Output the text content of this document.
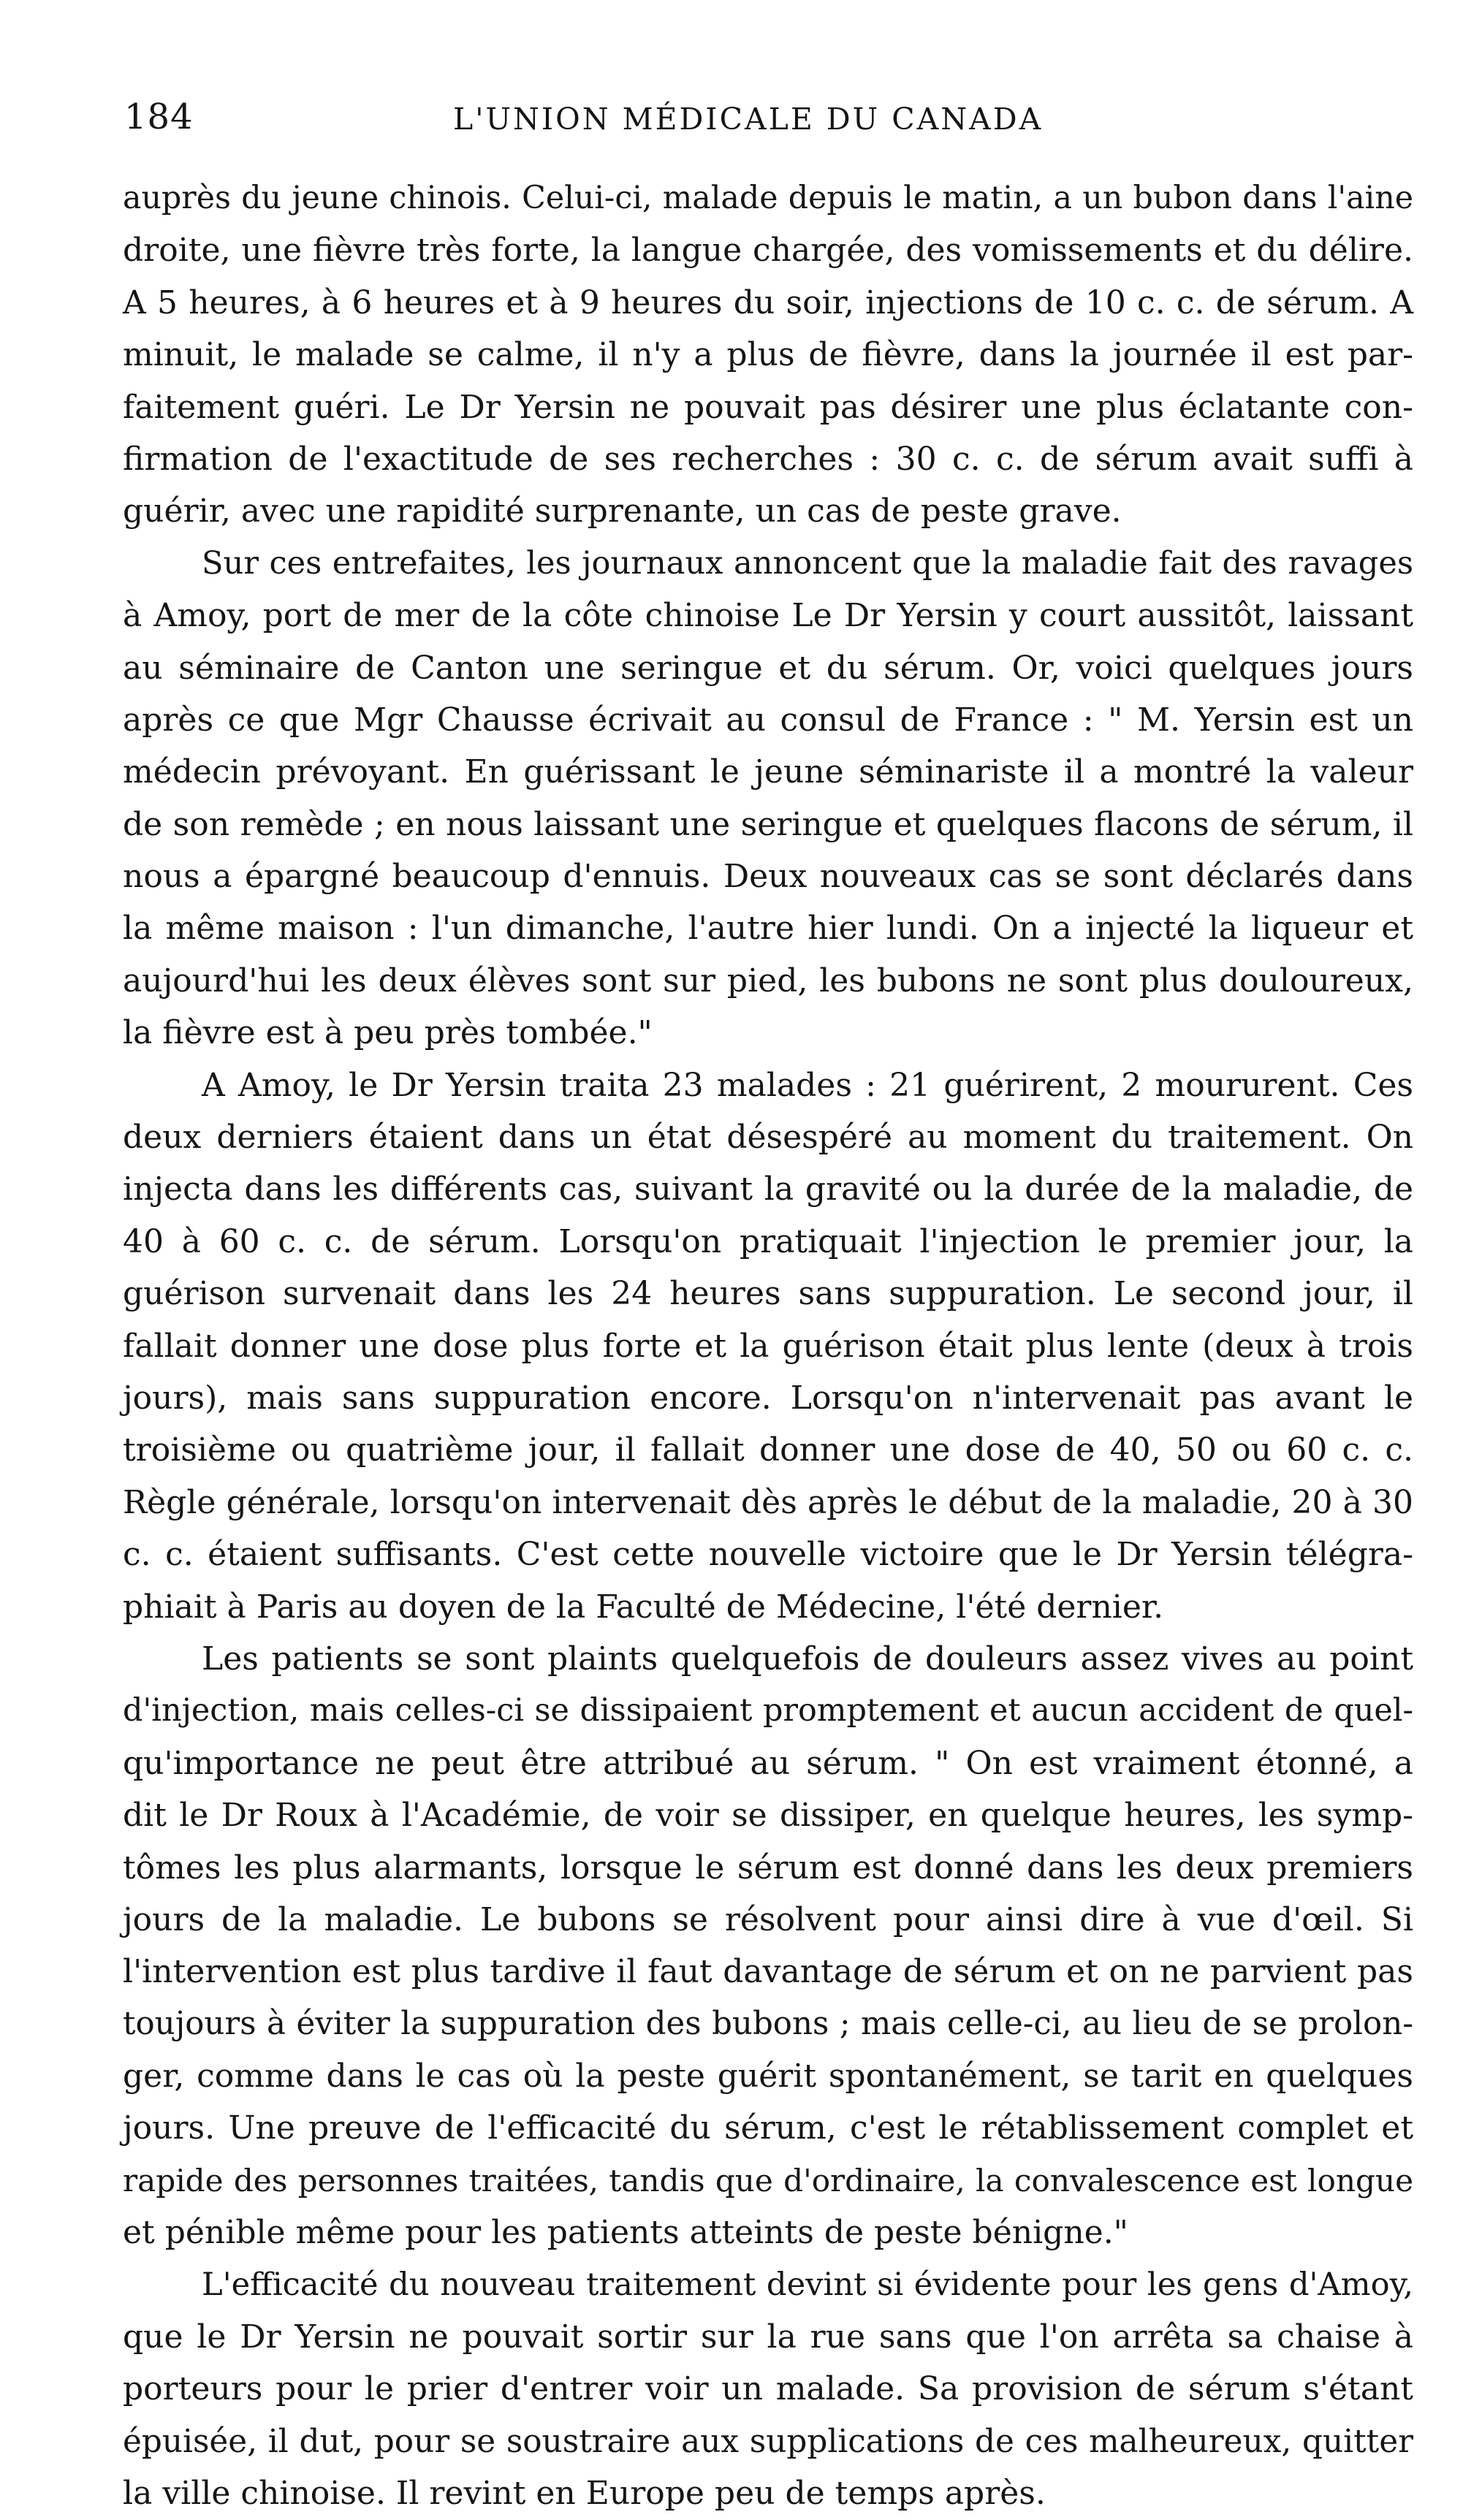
184	L'UNION MÉDICALE DU CANADA
auprès du jeune chinois. Celui-ci, malade depuis le matin, a un bubon dans l'aine
droite, une fièvre très forte, la langue chargée, des vomissements et du délire.
A 5 heures, à 6 heures et à 9 heures du soir, injections de 10 c. c. de sérum. A
minuit, le malade se calme, il n'y a plus de fièvre, dans la journée il est par-
faitement guéri. Le Dr Yersin ne pouvait pas désirer une plus éclatante con-
firmation de l'exactitude de ses recherches : 30 c. c. de sérum avait suffi à
guérir, avec une rapidité surprenante, un cas de peste grave.
Sur ces entrefaites, les journaux annoncent que la maladie fait des ravages
à Amoy, port de mer de la côte chinoise Le Dr Yersin y court aussitôt, laissant
au séminaire de Canton une seringue et du sérum. Or, voici quelques jours
après ce que Mgr Chausse écrivait au consul de France : " M. Yersin est un
médecin prévoyant. En guérissant le jeune séminariste il a montré la valeur
de son remède ; en nous laissant une seringue et quelques flacons de sérum, il
nous a épargné beaucoup d'ennuis. Deux nouveaux cas se sont déclarés dans
la même maison : l'un dimanche, l'autre hier lundi. On a injecté la liqueur et
aujourd'hui les deux élèves sont sur pied, les bubons ne sont plus douloureux,
la fièvre est à peu près tombée."
A Amoy, le Dr Yersin traita 23 malades : 21 guérirent, 2 moururent. Ces
deux derniers étaient dans un état désespéré au moment du traitement. On
injecta dans les différents cas, suivant la gravité ou la durée de la maladie, de
40 à 60 c. c. de sérum. Lorsqu'on pratiquait l'injection le premier jour, la
guérison survenait dans les 24 heures sans suppuration. Le second jour, il
fallait donner une dose plus forte et la guérison était plus lente (deux à trois
jours), mais sans suppuration encore. Lorsqu'on n'intervenait pas avant le
troisième ou quatrième jour, il fallait donner une dose de 40, 50 ou 60 c. c.
Règle générale, lorsqu'on intervenait dès après le début de la maladie, 20 à 30
c. c. étaient suffisants. C'est cette nouvelle victoire que le Dr Yersin télégra-
phiait à Paris au doyen de la Faculté de Médecine, l'été dernier.
Les patients se sont plaints quelquefois de douleurs assez vives au point
d'injection, mais celles-ci se dissipaient promptement et aucun accident de quel-
qu'importance ne peut être attribué au sérum. " On est vraiment étonné, a
dit le Dr Roux à l'Académie, de voir se dissiper, en quelque heures, les symp-
tômes les plus alarmants, lorsque le sérum est donné dans les deux premiers
jours de la maladie. Le bubons se résolvent pour ainsi dire à vue d'œil. Si
l'intervention est plus tardive il faut davantage de sérum et on ne parvient pas
toujours à éviter la suppuration des bubons ; mais celle-ci, au lieu de se prolon-
ger, comme dans le cas où la peste guérit spontanément, se tarit en quelques
jours. Une preuve de l'efficacité du sérum, c'est le rétablissement complet et
rapide des personnes traitées, tandis que d'ordinaire, la convalescence est longue
et pénible même pour les patients atteints de peste bénigne."
L'efficacité du nouveau traitement devint si évidente pour les gens d'Amoy,
que le Dr Yersin ne pouvait sortir sur la rue sans que l'on arrêta sa chaise à
porteurs pour le prier d'entrer voir un malade. Sa provision de sérum s'étant
épuisée, il dut, pour se soustraire aux supplications de ces malheureux, quitter
la ville chinoise. Il revint en Europe peu de temps après.
